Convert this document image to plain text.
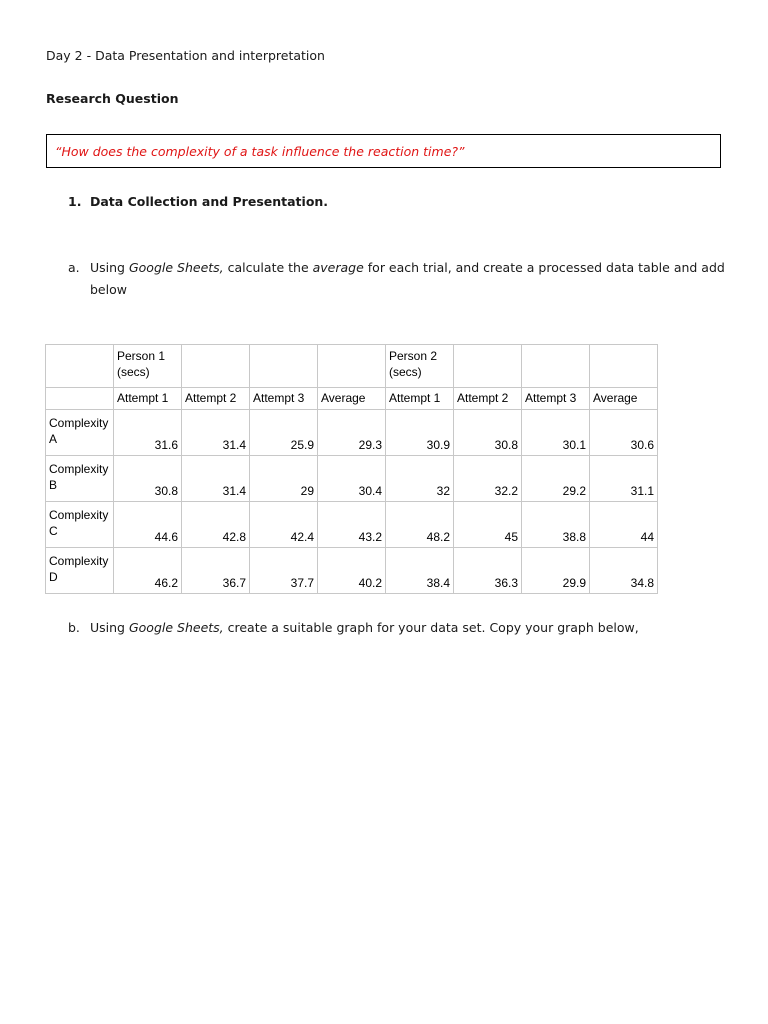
Day 2 - Data Presentation and interpretation
Research Question
“How does the complexity of a task influence the reaction time?”
1. Data Collection and Presentation.
a. Using Google Sheets, calculate the average for each trial, and create a processed data table and add
below
	Person 1
(secs)				Person 2
(secs)			
	Attempt 1	Attempt 2	Attempt 3	Average	Attempt 1	Attempt 2	Attempt 3	Average
Complexity
A	31.6	31.4	25.9	29.3	30.9	30.8	30.1	30.6
Complexity
B	30.8	31.4	29	30.4	32	32.2	29.2	31.1
Complexity
C	44.6	42.8	42.4	43.2	48.2	45	38.8	44
Complexity
D	46.2	36.7	37.7	40.2	38.4	36.3	29.9	34.8
b. Using Google Sheets, create a suitable graph for your data set. Copy your graph below,
